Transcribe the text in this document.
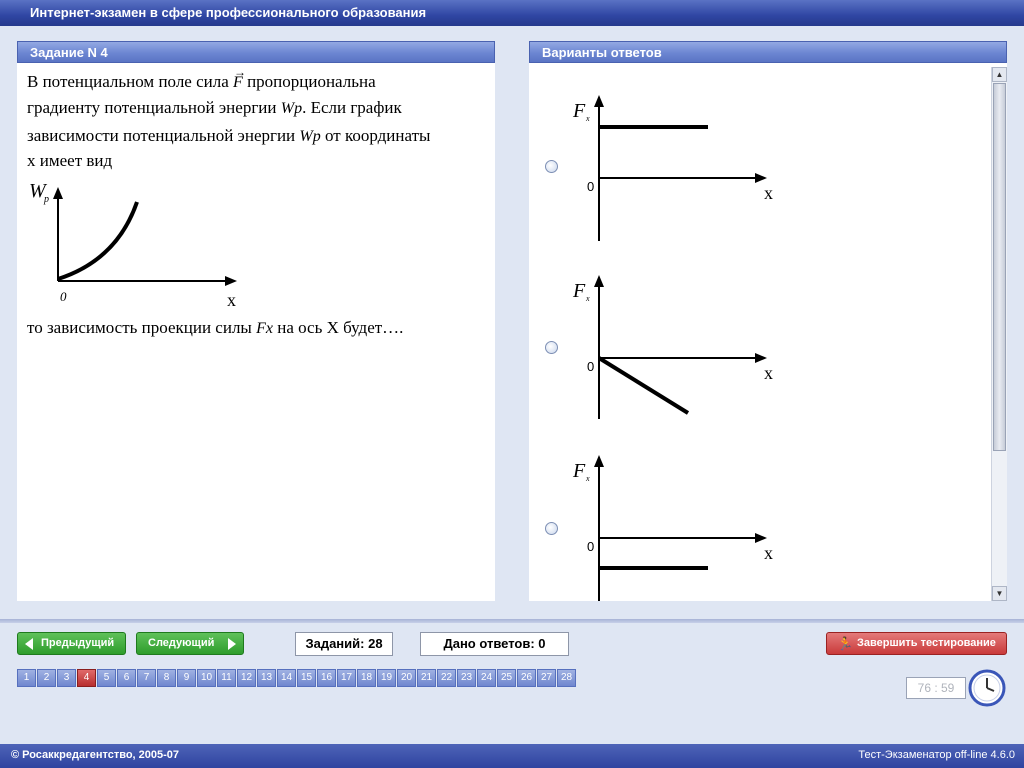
Интернет-экзамен в сфере профессионального образования
Задание N 4
В потенциальном поле сила →
F пропорциональна
градиенту потенциальной энергии Wp. Если график
зависимости потенциальной энергии Wp от координаты
x имеет вид
W
p
0	x
то зависимость проекции силы Fx на ось X будет….
Варианты ответов
F x
0	x
F x
0	x
F x
0	x
▲
▼
Предыдущий	Следующий	Заданий: 28	Дано ответов: 0	🏃 Завершить тестирование
1	2	3	4	5	6	7	8	9	10 11 12 13 14 15 16 17 18 19 20 21 22 23 24 25 26 27 28
76 : 59
© Росаккредагентство, 2005-07	Тест-Экзаменатор off-line 4.6.0
